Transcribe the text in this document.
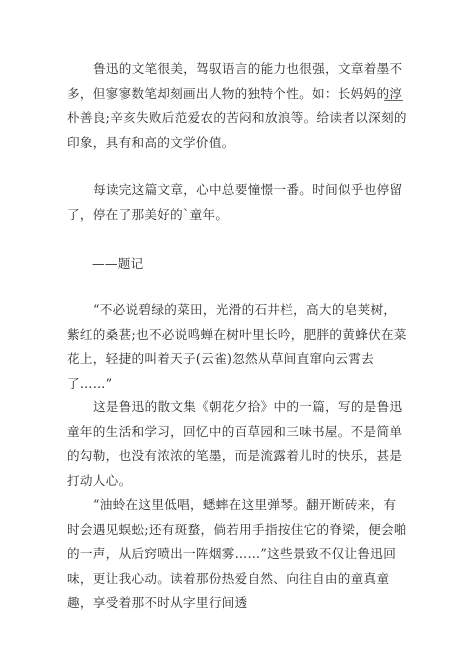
鲁迅的文笔很美，驾驭语言的能力也很强，文章着墨不多，但寥寥数笔却刻画出人物的独特个性。如：长妈妈的淳朴善良;辛亥失败后范爱农的苦闷和放浪等。给读者以深刻的印象，具有和高的文学价值。

每读完这篇文章，心中总要憧憬一番。时间似乎也停留了，停在了那美好的`童年。

——题记

“不必说碧绿的菜田，光滑的石井栏，高大的皂荚树，紫红的桑葚;也不必说鸣蝉在树叶里长吟，肥胖的黄蜂伏在菜花上，轻捷的叫着天子(云雀)忽然从草间直窜向云霄去了……”

这是鲁迅的散文集《朝花夕拾》中的一篇，写的是鲁迅童年的生活和学习，回忆中的百草园和三味书屋。不是简单的勾勒，也没有浓浓的笔墨，而是流露着儿时的快乐，甚是打动人心。

“油蛉在这里低唱，蟋蟀在这里弹琴。翻开断砖来，有时会遇见蜈蚣;还有斑蝥，倘若用手指按住它的脊梁，便会啪的一声，从后窍喷出一阵烟雾……”这些景致不仅让鲁迅回味，更让我心动。读着那份热爱自然、向往自由的童真童趣，享受着那不时从字里行间透
